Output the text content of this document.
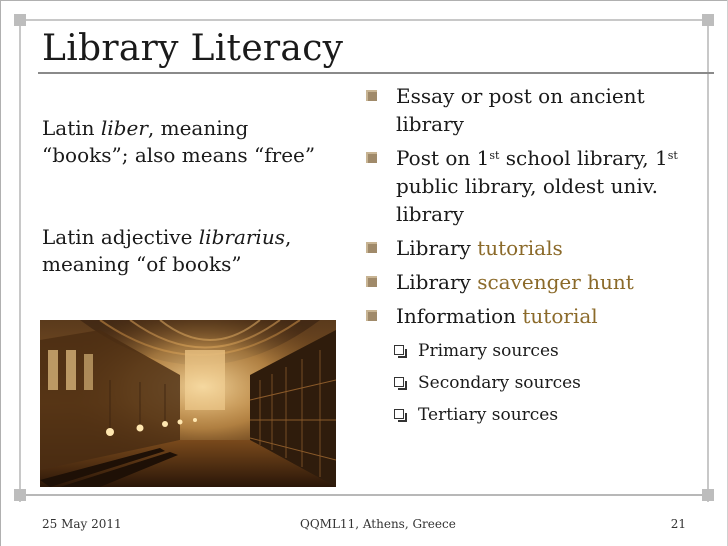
Library Literacy
Latin liber, meaning
“books”; also means “free”
Latin adjective librarius,
meaning “of books”
Essay or post on ancient library
Post on 1st school library, 1st public library, oldest univ. library
Library tutorials
Library scavenger hunt
Information tutorial
Primary sources
Secondary sources
Tertiary sources
25 May 2011	QQML11, Athens, Greece	21
